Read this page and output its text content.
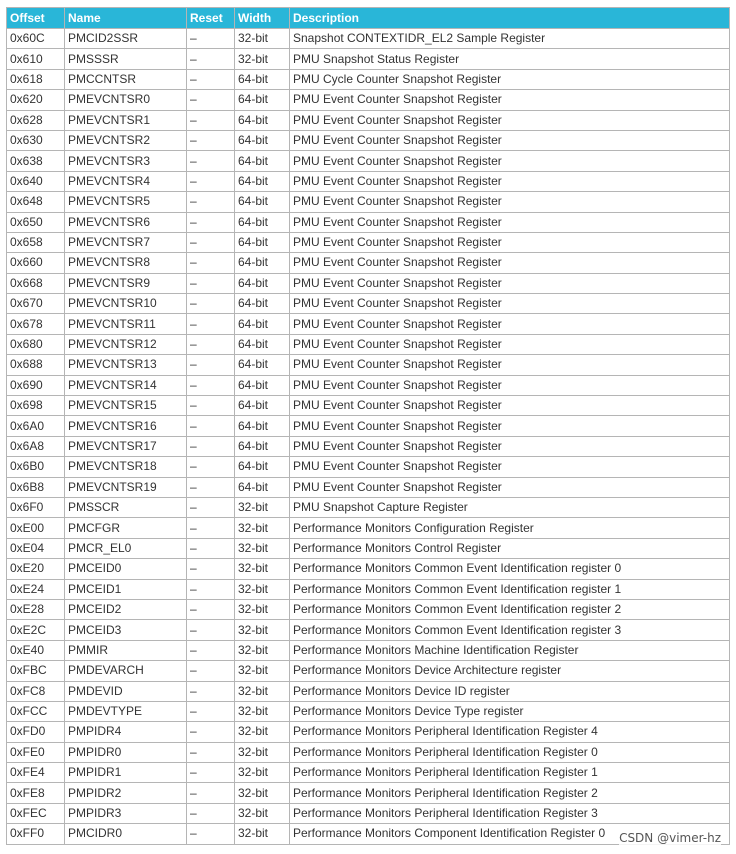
Offset	Name	Reset	Width	Description
0x60C	PMCID2SSR	–	32-bit	Snapshot CONTEXTIDR_EL2 Sample Register
0x610	PMSSSR	–	32-bit	PMU Snapshot Status Register
0x618	PMCCNTSR	–	64-bit	PMU Cycle Counter Snapshot Register
0x620	PMEVCNTSR0	–	64-bit	PMU Event Counter Snapshot Register
0x628	PMEVCNTSR1	–	64-bit	PMU Event Counter Snapshot Register
0x630	PMEVCNTSR2	–	64-bit	PMU Event Counter Snapshot Register
0x638	PMEVCNTSR3	–	64-bit	PMU Event Counter Snapshot Register
0x640	PMEVCNTSR4	–	64-bit	PMU Event Counter Snapshot Register
0x648	PMEVCNTSR5	–	64-bit	PMU Event Counter Snapshot Register
0x650	PMEVCNTSR6	–	64-bit	PMU Event Counter Snapshot Register
0x658	PMEVCNTSR7	–	64-bit	PMU Event Counter Snapshot Register
0x660	PMEVCNTSR8	–	64-bit	PMU Event Counter Snapshot Register
0x668	PMEVCNTSR9	–	64-bit	PMU Event Counter Snapshot Register
0x670	PMEVCNTSR10	–	64-bit	PMU Event Counter Snapshot Register
0x678	PMEVCNTSR11	–	64-bit	PMU Event Counter Snapshot Register
0x680	PMEVCNTSR12	–	64-bit	PMU Event Counter Snapshot Register
0x688	PMEVCNTSR13	–	64-bit	PMU Event Counter Snapshot Register
0x690	PMEVCNTSR14	–	64-bit	PMU Event Counter Snapshot Register
0x698	PMEVCNTSR15	–	64-bit	PMU Event Counter Snapshot Register
0x6A0	PMEVCNTSR16	–	64-bit	PMU Event Counter Snapshot Register
0x6A8	PMEVCNTSR17	–	64-bit	PMU Event Counter Snapshot Register
0x6B0	PMEVCNTSR18	–	64-bit	PMU Event Counter Snapshot Register
0x6B8	PMEVCNTSR19	–	64-bit	PMU Event Counter Snapshot Register
0x6F0	PMSSCR	–	32-bit	PMU Snapshot Capture Register
0xE00	PMCFGR	–	32-bit	Performance Monitors Configuration Register
0xE04	PMCR_EL0	–	32-bit	Performance Monitors Control Register
0xE20	PMCEID0	–	32-bit	Performance Monitors Common Event Identification register 0
0xE24	PMCEID1	–	32-bit	Performance Monitors Common Event Identification register 1
0xE28	PMCEID2	–	32-bit	Performance Monitors Common Event Identification register 2
0xE2C	PMCEID3	–	32-bit	Performance Monitors Common Event Identification register 3
0xE40	PMMIR	–	32-bit	Performance Monitors Machine Identification Register
0xFBC	PMDEVARCH	–	32-bit	Performance Monitors Device Architecture register
0xFC8	PMDEVID	–	32-bit	Performance Monitors Device ID register
0xFCC	PMDEVTYPE	–	32-bit	Performance Monitors Device Type register
0xFD0	PMPIDR4	–	32-bit	Performance Monitors Peripheral Identification Register 4
0xFE0	PMPIDR0	–	32-bit	Performance Monitors Peripheral Identification Register 0
0xFE4	PMPIDR1	–	32-bit	Performance Monitors Peripheral Identification Register 1
0xFE8	PMPIDR2	–	32-bit	Performance Monitors Peripheral Identification Register 2
0xFEC	PMPIDR3	–	32-bit	Performance Monitors Peripheral Identification Register 3
0xFF0	PMCIDR0	–	32-bit	Performance Monitors Component Identification Register 0 CSDN @vimer-hz
